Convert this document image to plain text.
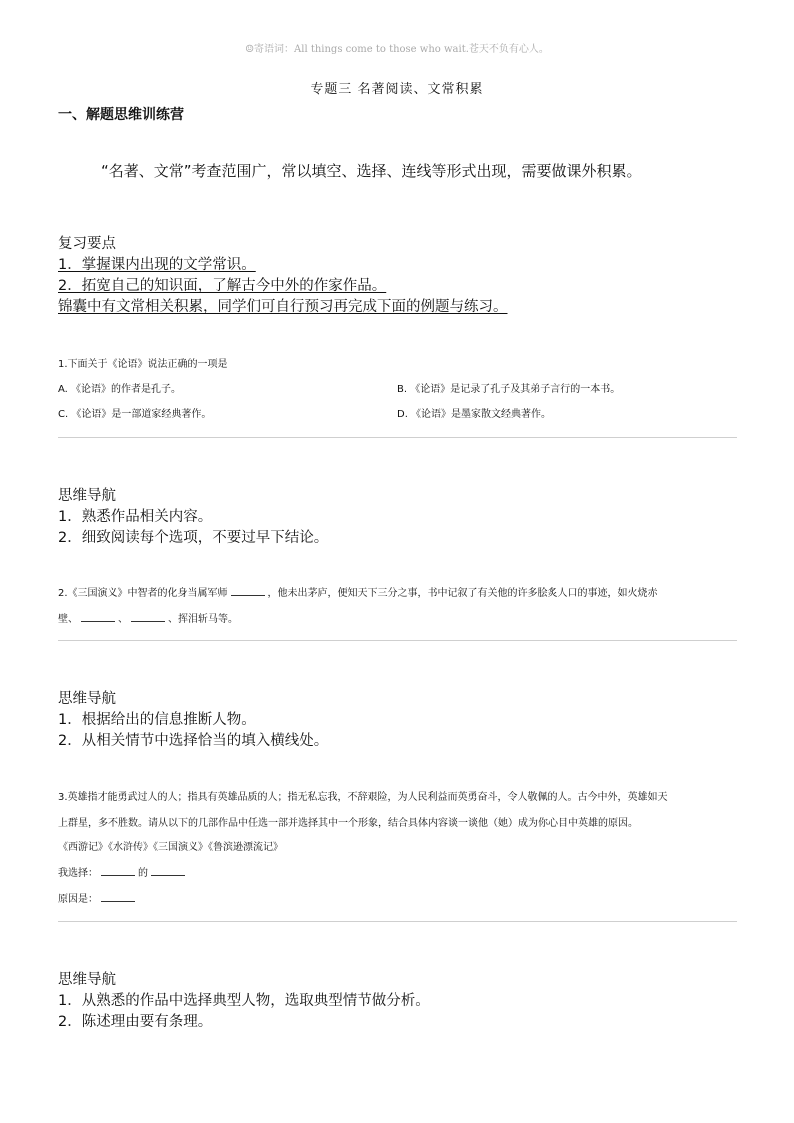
☺寄语词：All things come to those who wait.苍天不负有心人。
专题三 名著阅读、文常积累
一、解题思维训练营
“名著、文常”考查范围广，常以填空、选择、连线等形式出现，需要做课外积累。
复习要点
1．掌握课内出现的文学常识。
2．拓宽自己的知识面，了解古今中外的作家作品。
锦囊中有文常相关积累，同学们可自行预习再完成下面的例题与练习。
1.下面关于《论语》说法正确的一项是
A. 《论语》的作者是孔子。	B. 《论语》是记录了孔子及其弟子言行的一本书。
C. 《论语》是一部道家经典著作。	D. 《论语》是墨家散文经典著作。
思维导航
1．熟悉作品相关内容。
2．细致阅读每个选项，不要过早下结论。
2.《三国演义》中智者的化身当属军师	，他未出茅庐，便知天下三分之事，书中记叙了有关他的许多脍炙人口的事迹，如火烧赤
壁、	、	、挥泪斩马等。
思维导航
1．根据给出的信息推断人物。
2．从相关情节中选择恰当的填入横线处。
3.英雄指才能勇武过人的人；指具有英雄品质的人；指无私忘我，不辞艰险，为人民利益而英勇奋斗，令人敬佩的人。古今中外，英雄如天
上群星，多不胜数。请从以下的几部作品中任选一部并选择其中一个形象，结合具体内容谈一谈他（她）成为你心目中英雄的原因。
《西游记》《水浒传》《三国演义》《鲁滨逊漂流记》
我选择：	的
原因是：
思维导航
1．从熟悉的作品中选择典型人物，选取典型情节做分析。
2．陈述理由要有条理。
